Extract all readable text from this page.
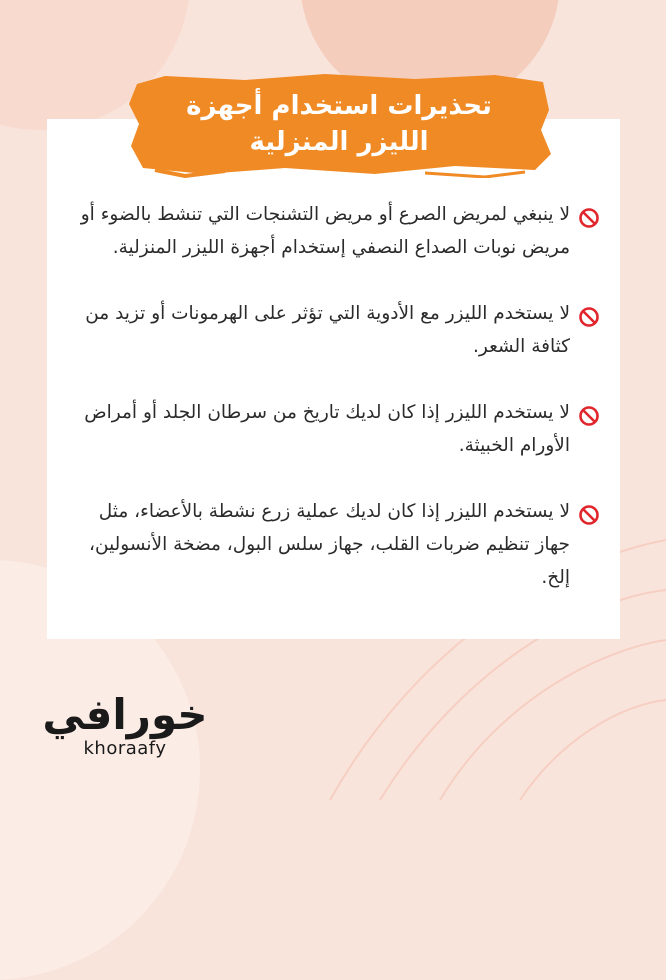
تحذيرات استخدام أجهزة
الليزر المنزلية
لا ينبغي لمريض الصرع أو مريض التشنجات التي تنشط بالضوء أو مريض نوبات الصداع النصفي إستخدام أجهزة الليزر المنزلية.
لا يستخدم الليزر مع الأدوية التي تؤثر على الهرمونات أو تزيد من كثافة الشعر.
لا يستخدم الليزر إذا كان لديك تاريخ من سرطان الجلد أو أمراض الأورام الخبيثة.
لا يستخدم الليزر إذا كان لديك عملية زرع نشطة بالأعضاء، مثل جهاز تنظيم ضربات القلب، جهاز سلس البول، مضخة الأنسولين، إلخ.
خورافي
khoraafy
